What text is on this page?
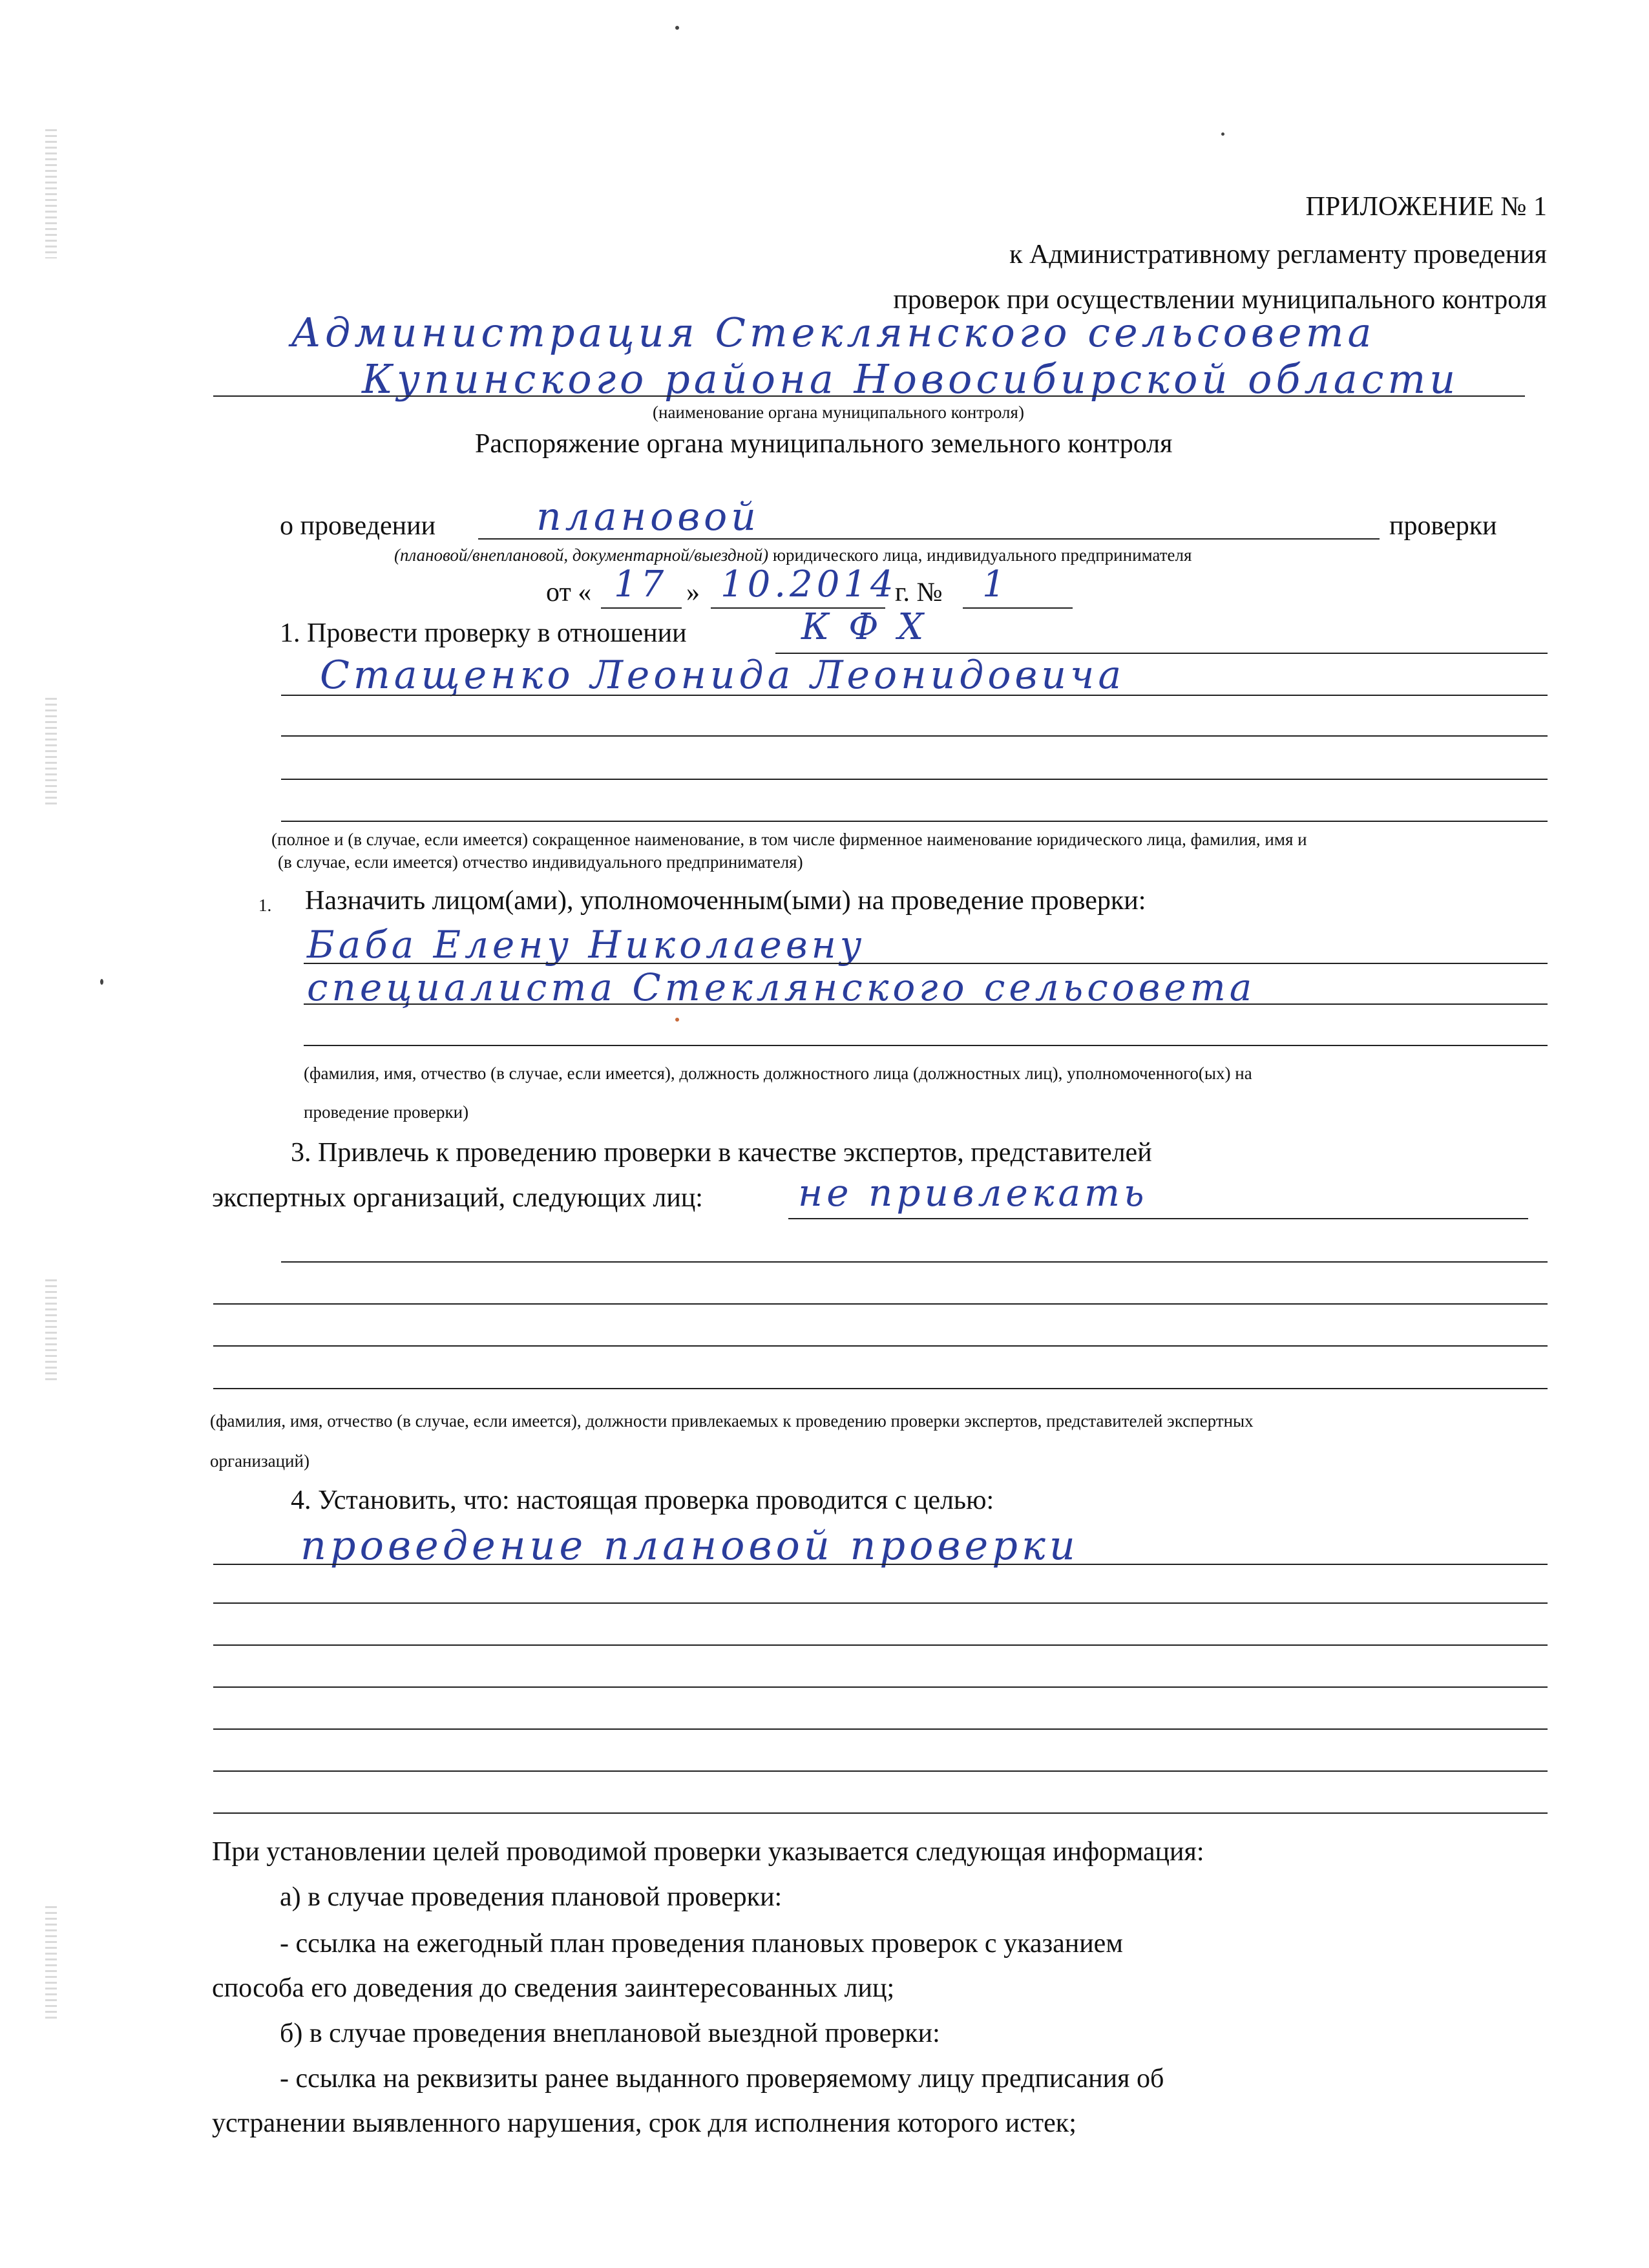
ПРИЛОЖЕНИЕ № 1
к Административному регламенту проведения
проверок при осуществлении муниципального контроля
Администрация Стеклянского сельсовета
Купинского района Новосибирской области
(наименование органа муниципального контроля)
Распоряжение органа муниципального земельного контроля
о проведении	плановой	проверки
(плановой/внеплановой, документарной/выездной) юридического лица, индивидуального предпринимателя
от « 17 » 10.2014
г. № 1
1. Провести проверку в отношении	К Ф Х
Стащенко Леонида Леонидовича
(полное и (в случае, если имеется) сокращенное наименование, в том числе фирменное наименование юридического лица, фамилия, имя и
(в случае, если имеется) отчество индивидуального предпринимателя)
1. Назначить лицом(ами), уполномоченным(ыми) на проведение проверки:
Баба Елену Николаевну
специалиста Стеклянского сельсовета
(фамилия, имя, отчество (в случае, если имеется), должность должностного лица (должностных лиц), уполномоченного(ых) на
проведение проверки)
3. Привлечь к проведению проверки в качестве экспертов, представителей
экспертных организаций, следующих лиц:	не привлекать
(фамилия, имя, отчество (в случае, если имеется), должности привлекаемых к проведению проверки экспертов, представителей экспертных
организаций)
4. Установить, что: настоящая проверка проводится с целью:
проведение плановой проверки
При установлении целей проводимой проверки указывается следующая информация:
а) в случае проведения плановой проверки:
- ссылка на ежегодный план проведения плановых проверок с указанием
способа его доведения до сведения заинтересованных лиц;
б) в случае проведения внеплановой выездной проверки:
- ссылка на реквизиты ранее выданного проверяемому лицу предписания об
устранении выявленного нарушения, срок для исполнения которого истек;
